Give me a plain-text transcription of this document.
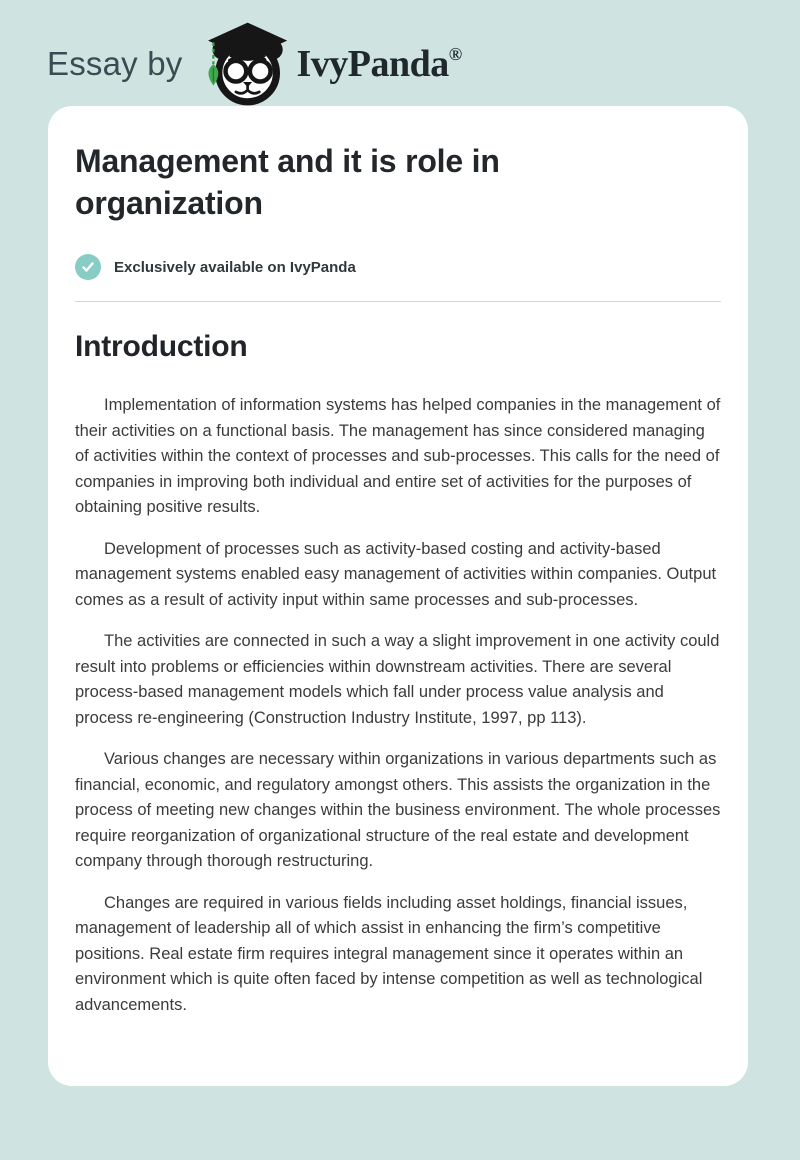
Essay by	IvyPanda®
Management and it is role in organization
Exclusively available on IvyPanda
Introduction

Implementation of information systems has helped companies in the management of their activities on a functional basis. The management has since considered managing of activities within the context of processes and sub-processes. This calls for the need of companies in improving both individual and entire set of activities for the purposes of obtaining positive results.

Development of processes such as activity-based costing and activity-based management systems enabled easy management of activities within companies. Output comes as a result of activity input within same processes and sub-processes.

The activities are connected in such a way a slight improvement in one activity could result into problems or efficiencies within downstream activities. There are several process-based management models which fall under process value analysis and process re-engineering (Construction Industry Institute, 1997, pp 113).

Various changes are necessary within organizations in various departments such as financial, economic, and regulatory amongst others. This assists the organization in the process of meeting new changes within the business environment. The whole processes require reorganization of organizational structure of the real estate and development company through thorough restructuring.

Changes are required in various fields including asset holdings, financial issues, management of leadership all of which assist in enhancing the firm’s competitive positions. Real estate firm requires integral management since it operates within an environment which is quite often faced by intense competition as well as technological advancements.
